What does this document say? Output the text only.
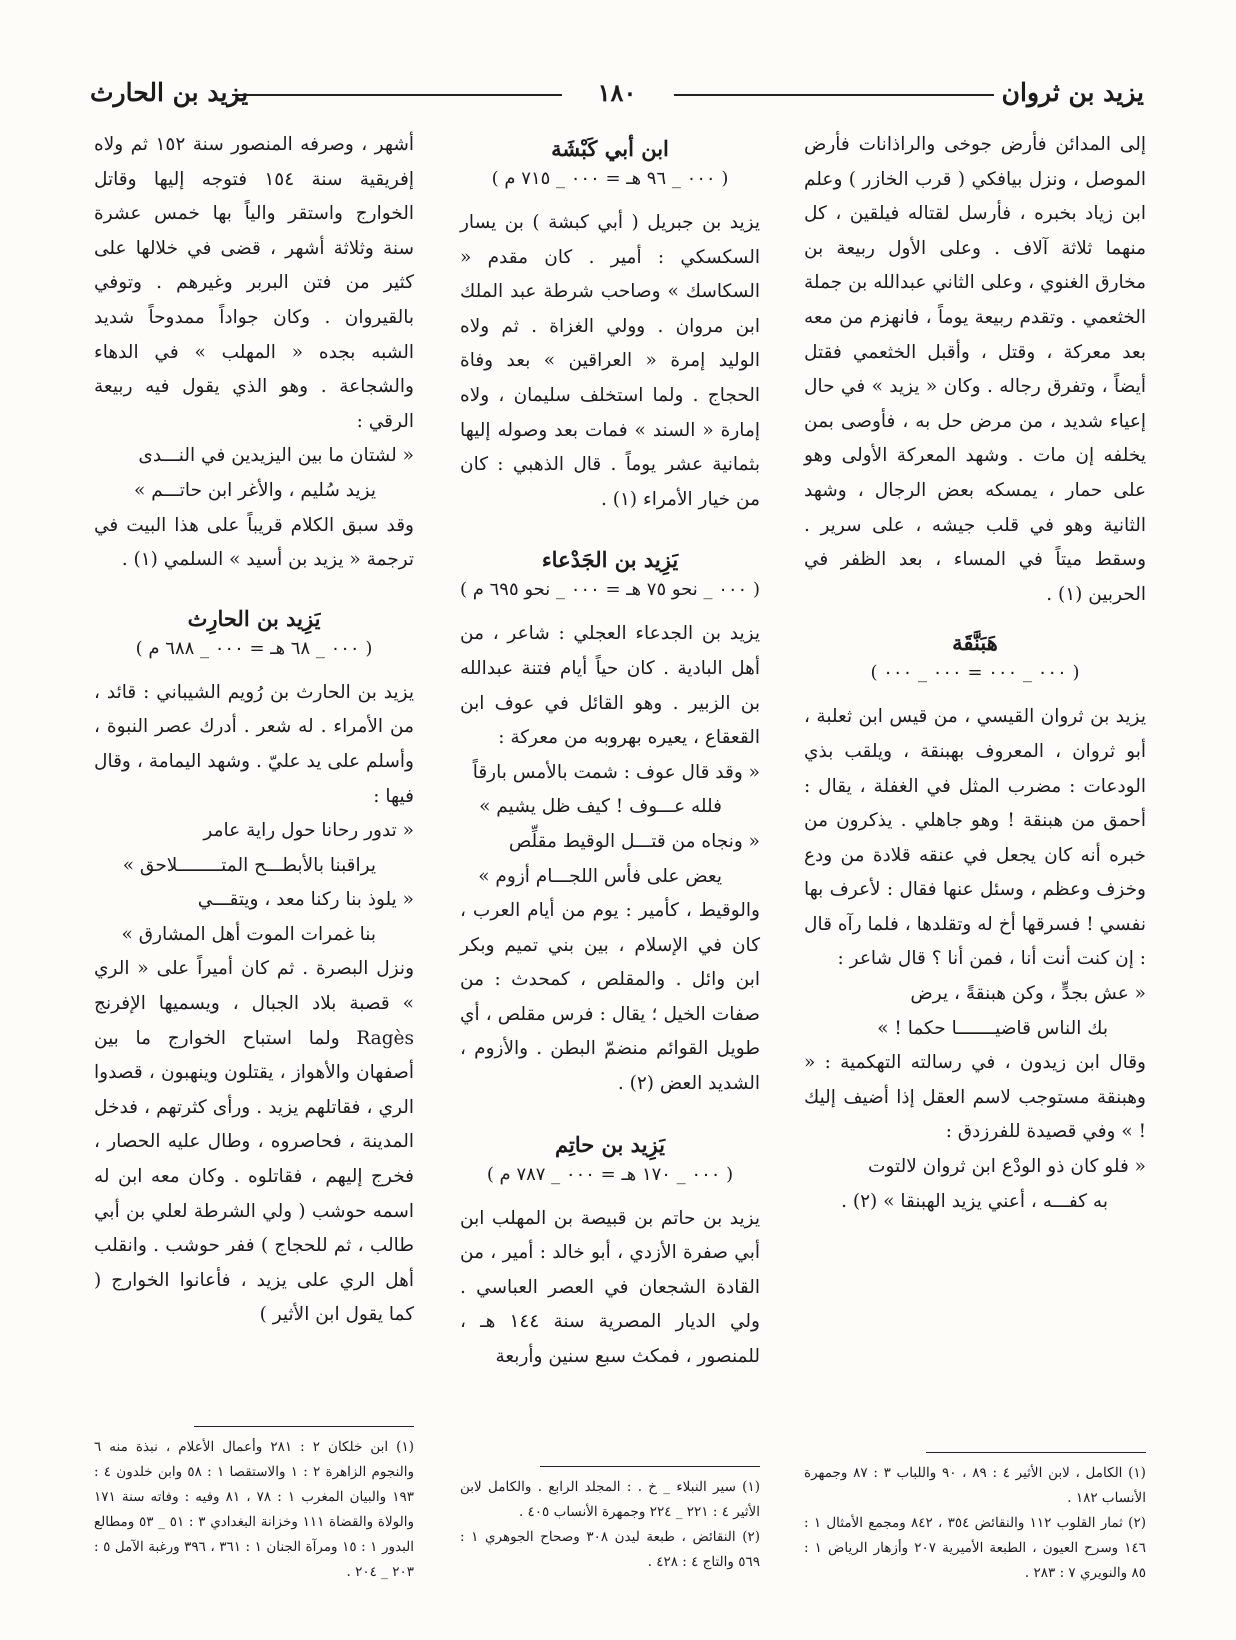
يزيد بن ثروان
١٨٠
يزيد بن الحارث

إلى المدائن فأرض جوخى والراذانات فأرض الموصل ، ونزل بيافكي ( قرب الخازر ) وعلم ابن زياد بخبره ، فأرسل لقتاله فيلقين ، كل منهما ثلاثة آلاف . وعلى الأول ربيعة بن مخارق الغنوي ، وعلى الثاني عبدالله بن جملة الخثعمي . وتقدم ربيعة يوماً ، فانهزم من معه بعد معركة ، وقتل ، وأقبل الخثعمي فقتل أيضاً ، وتفرق رجاله . وكان « يزيد » في حال إعياء شديد ، من مرض حل به ، فأوصى بمن يخلفه إن مات . وشهد المعركة الأولى وهو على حمار ، يمسكه بعض الرجال ، وشهد الثانية وهو في قلب جيشه ، على سرير . وسقط ميتاً في المساء ، بعد الظفر في الحربين (١) .

هَبَنَّقَة
( ٠٠٠ _ ٠٠٠ = ٠٠٠ _ ٠٠٠ )

يزيد بن ثروان القيسي ، من قيس ابن ثعلبة ، أبو ثروان ، المعروف بهبنقة ، ويلقب بذي الودعات : مضرب المثل في الغفلة ، يقال : أحمق من هبنقة ! وهو جاهلي . يذكرون من خبره أنه كان يجعل في عنقه قلادة من ودع وخزف وعظم ، وسئل عنها فقال : لأعرف بها نفسي ! فسرقها أخ له وتقلدها ، فلما رآه قال : إن كنت أنت أنا ، فمن أنا ؟ قال شاعر :

« عش بجدٍّ ، وكن هبنقةً ، يرض
بك الناس قاضيـــــــا حكما ! »

وقال ابن زيدون ، في رسالته التهكمية : « وهبنقة مستوجب لاسم العقل إذا أضيف إليك ! » وفي قصيدة للفرزدق :

« فلو كان ذو الودْع ابن ثروان لالتوت
به كفـــه ، أعني يزيد الهبنقا » (٢) .

(١) الكامل ، لابن الأثير ٤ : ٨٩ ، ٩٠ واللباب ٣ : ٨٧ وجمهرة الأنساب ١٨٢ .

(٢) ثمار القلوب ١١٢ والنقائض ٣٥٤ ، ٨٤٢ ومجمع الأمثال ١ : ١٤٦ وسرح العيون ، الطبعة الأميرية ٢٠٧ وأزهار الرياض ١ : ٨٥ والنويري ٧ : ٢٨٣ .

ابن أبي كَبْشَة
( ٠٠٠ _ ٩٦ هـ = ٠٠٠ _ ٧١٥ م )

يزيد بن جبريل ( أبي كبشة ) بن يسار السكسكي : أمير . كان مقدم « السكاسك » وصاحب شرطة عبد الملك ابن مروان . وولي الغزاة . ثم ولاه الوليد إمرة « العراقين » بعد وفاة الحجاج . ولما استخلف سليمان ، ولاه إمارة « السند » فمات بعد وصوله إليها بثمانية عشر يوماً . قال الذهبي : كان من خيار الأمراء (١) .

يَزِيد بن الجَدْعاء
( ٠٠٠ _ نحو ٧٥ هـ = ٠٠٠ _ نحو ٦٩٥ م )

يزيد بن الجدعاء العجلي : شاعر ، من أهل البادية . كان حياً أيام فتنة عبدالله بن الزبير . وهو القائل في عوف ابن القعقاع ، يعيره بهروبه من معركة :

« وقد قال عوف : شمت بالأمس بارقاً
فلله عـــوف ! كيف ظل يشيم »
« ونجاه من قتـــل الوقيط مقلِّص
يعض على فأس اللجـــام أزوم »

والوقيط ، كأمير : يوم من أيام العرب ، كان في الإسلام ، بين بني تميم وبكر ابن وائل . والمقلص ، كمحدث : من صفات الخيل ؛ يقال : فرس مقلص ، أي طويل القوائم منضمّ البطن . والأزوم ، الشديد العض (٢) .

يَزِيد بن حاتِم
( ٠٠٠ _ ١٧٠ هـ = ٠٠٠ _ ٧٨٧ م )

يزيد بن حاتم بن قبيصة بن المهلب ابن أبي صفرة الأزدي ، أبو خالد : أمير ، من القادة الشجعان في العصر العباسي . ولي الديار المصرية سنة ١٤٤ هـ ، للمنصور ، فمكث سبع سنين وأربعة

(١) سير النبلاء _ خ . : المجلد الرابع . والكامل لابن الأثير ٤ : ٢٢١ _ ٢٢٤ وجمهرة الأنساب ٤٠٥ .

(٢) النقائض ، طبعة ليدن ٣٠٨ وصحاح الجوهري ١ : ٥٦٩ والتاج ٤ : ٤٢٨ .

أشهر ، وصرفه المنصور سنة ١٥٢ ثم ولاه إفريقية سنة ١٥٤ فتوجه إليها وقاتل الخوارج واستقر والياً بها خمس عشرة سنة وثلاثة أشهر ، قضى في خلالها على كثير من فتن البربر وغيرهم . وتوفي بالقيروان . وكان جواداً ممدوحاً شديد الشبه بجده « المهلب » في الدهاء والشجاعة . وهو الذي يقول فيه ربيعة الرقي :

« لشتان ما بين اليزيدين في النـــدى
يزيد سُليم ، والأغر ابن حاتـــم »

وقد سبق الكلام قريباً على هذا البيت في ترجمة « يزيد بن أسيد » السلمي (١) .

يَزِيد بن الحارِث
( ٠٠٠ _ ٦٨ هـ = ٠٠٠ _ ٦٨٨ م )

يزيد بن الحارث بن رُويم الشيباني : قائد ، من الأمراء . له شعر . أدرك عصر النبوة ، وأسلم على يد عليّ . وشهد اليمامة ، وقال فيها :

« تدور رحانا حول راية عامر
يراقبنا بالأبطـــح المتــــــــلاحق »
« يلوذ بنا ركنا معد ، ويتقـــي
بنا غمرات الموت أهل المشارق »

ونزل البصرة . ثم كان أميراً على « الري » قصبة بلاد الجبال ، ويسميها الإفرنج Ragès ولما استباح الخوارج ما بين أصفهان والأهواز ، يقتلون وينهبون ، قصدوا الري ، فقاتلهم يزيد . ورأى كثرتهم ، فدخل المدينة ، فحاصروه ، وطال عليه الحصار ، فخرج إليهم ، فقاتلوه . وكان معه ابن له اسمه حوشب ( ولي الشرطة لعلي بن أبي طالب ، ثم للحجاج ) ففر حوشب . وانقلب أهل الري على يزيد ، فأعانوا الخوارج ( كما يقول ابن الأثير )

(١) ابن خلكان ٢ : ٢٨١ وأعمال الأعلام ، نبذة منه ٦ والنجوم الزاهرة ٢ : ١ والاستقصا ١ : ٥٨ وابن خلدون ٤ : ١٩٣ والبيان المغرب ١ : ٧٨ ، ٨١ وفيه : وفاته سنة ١٧١ والولاة والقضاة ١١١ وخزانة البغدادي ٣ : ٥١ _ ٥٣ ومطالع البدور ١ : ١٥ ومرآة الجنان ١ : ٣٦١ ، ٣٩٦ ورغبة الآمل ٥ : ٢٠٣ _ ٢٠٤ .
